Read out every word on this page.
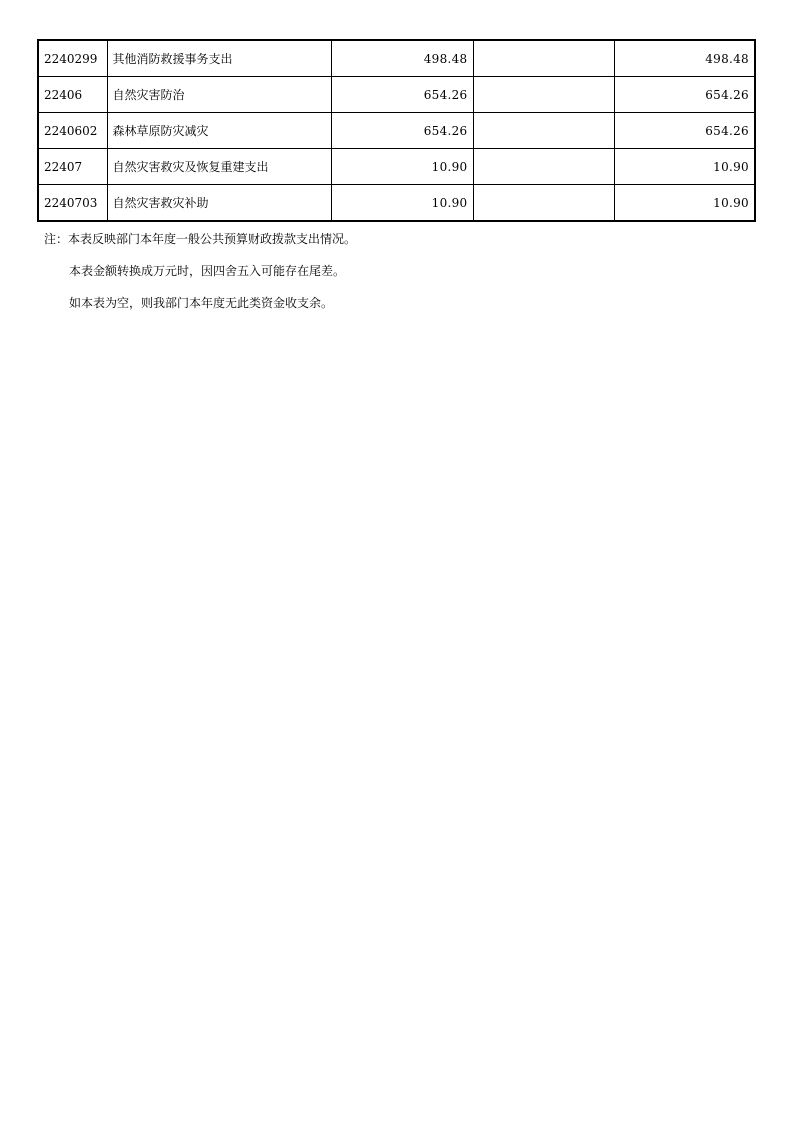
2240299	其他消防救援事务支出	498.48		498.48
22406	自然灾害防治	654.26		654.26
2240602	森林草原防灾减灾	654.26		654.26
22407	自然灾害救灾及恢复重建支出	10.90		10.90
2240703	自然灾害救灾补助	10.90		10.90

注：本表反映部门本年度一般公共预算财政拨款支出情况。

本表金额转换成万元时，因四舍五入可能存在尾差。

如本表为空，则我部门本年度无此类资金收支余。
